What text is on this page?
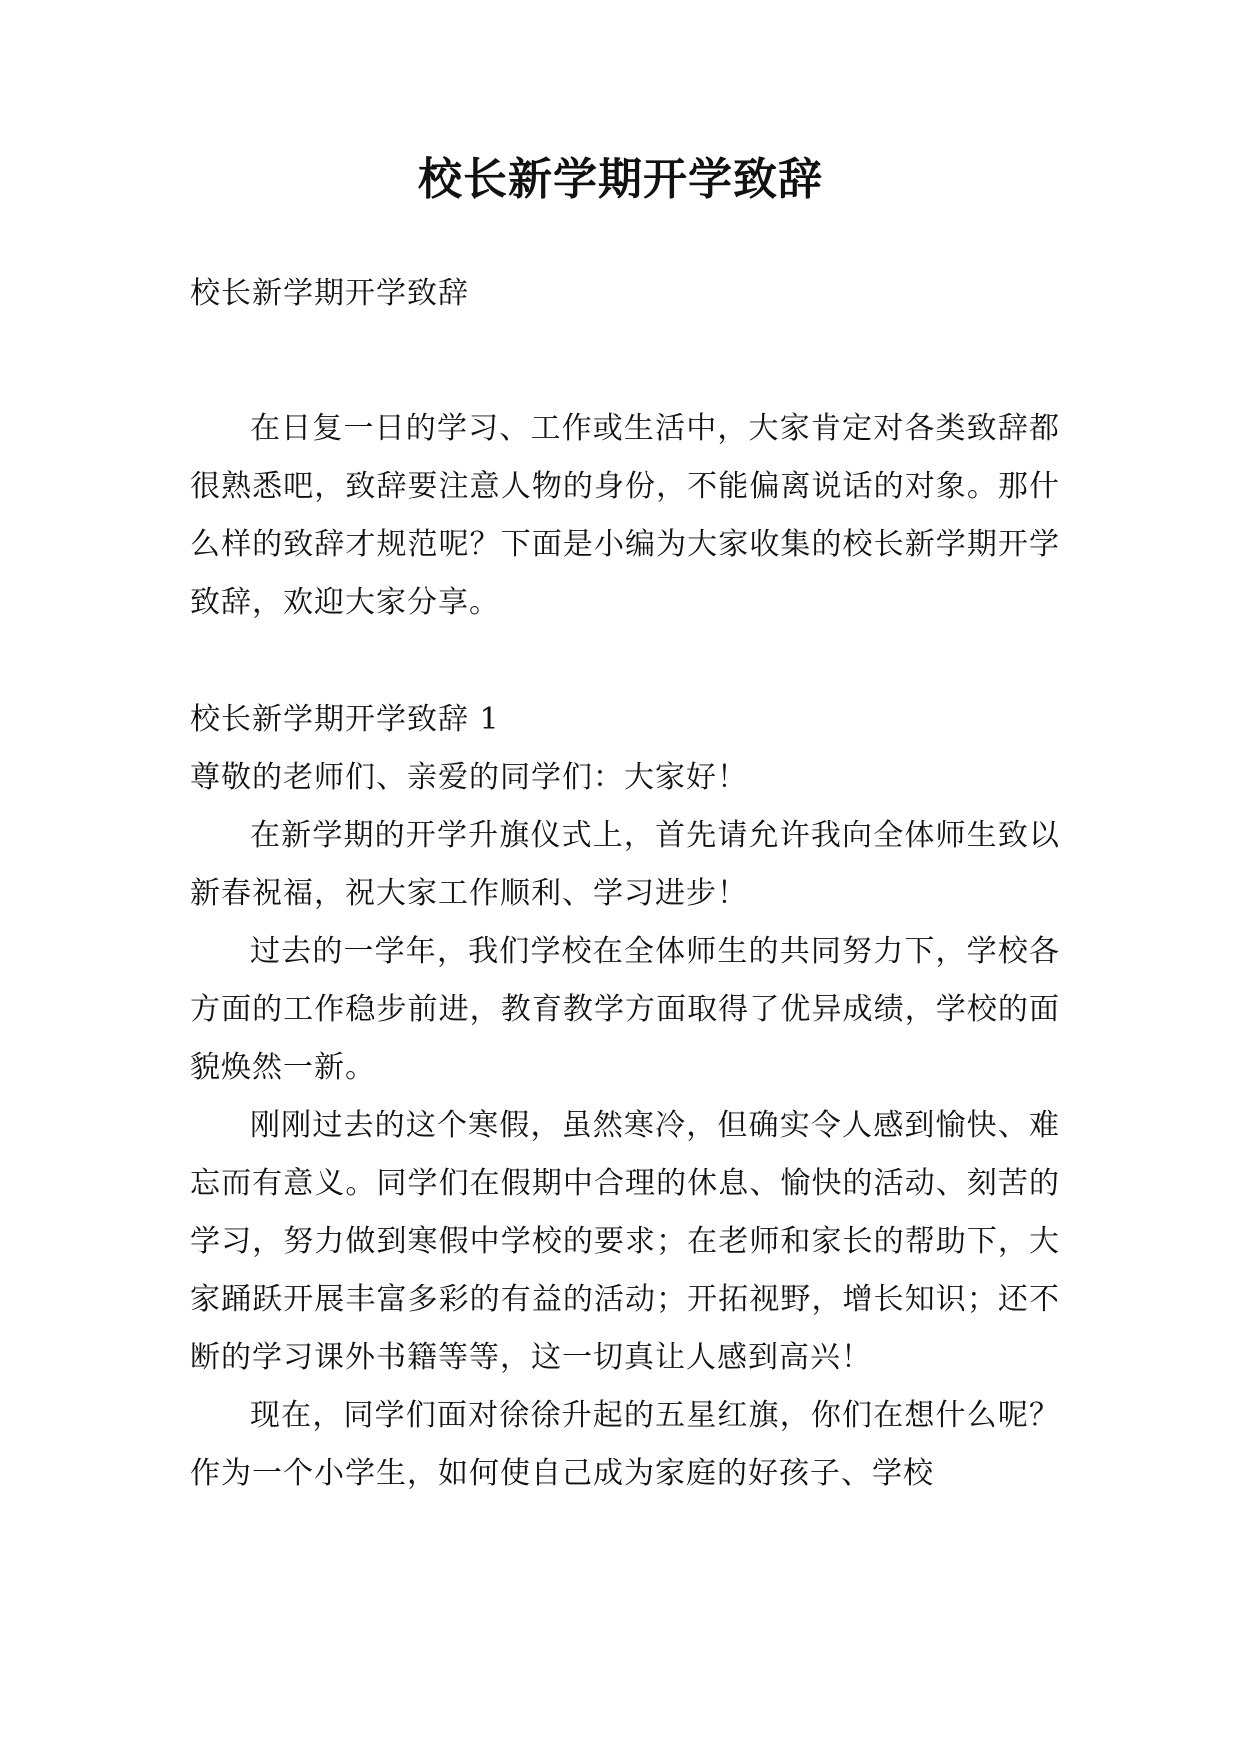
校长新学期开学致辞

校长新学期开学致辞

在日复一日的学习、工作或生活中，大家肯定对各类致辞都很熟悉吧，致辞要注意人物的身份，不能偏离说话的对象。那什么样的致辞才规范呢？下面是小编为大家收集的校长新学期开学致辞，欢迎大家分享。

校长新学期开学致辞 1

尊敬的老师们、亲爱的同学们：大家好！

在新学期的开学升旗仪式上，首先请允许我向全体师生致以新春祝福，祝大家工作顺利、学习进步！

过去的一学年，我们学校在全体师生的共同努力下，学校各方面的工作稳步前进，教育教学方面取得了优异成绩，学校的面貌焕然一新。

刚刚过去的这个寒假，虽然寒冷，但确实令人感到愉快、难忘而有意义。同学们在假期中合理的休息、愉快的活动、刻苦的学习，努力做到寒假中学校的要求；在老师和家长的帮助下，大家踊跃开展丰富多彩的有益的活动；开拓视野，增长知识；还不断的学习课外书籍等等，这一切真让人感到高兴！

现在，同学们面对徐徐升起的五星红旗，你们在想什么呢？作为一个小学生，如何使自己成为家庭的好孩子、学校
